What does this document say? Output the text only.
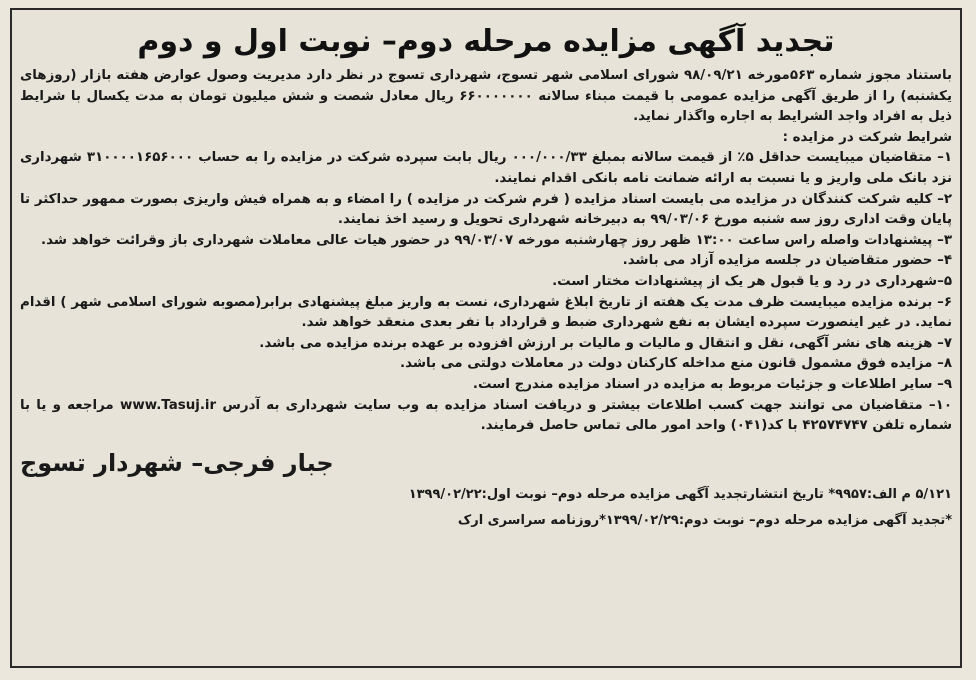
تجدید آگهی مزایده مرحله دوم– نوبت اول و دوم

باستناد مجوز شماره ۵۶۳مورخه ۹۸/۰۹/۲۱ شورای اسلامی شهر تسوج، شهرداری تسوج در نظر دارد مدیریت وصول عوارض هفته بازار (روزهای یکشنبه) را از طریق آگهی مزایده عمومی با قیمت مبناء سالانه ۶۶۰۰۰۰۰۰۰ ریال معادل شصت و شش میلیون تومان به مدت یکسال با شرایط ذیل به افراد واجد الشرایط به اجاره واگذار نماید.

شرایط شرکت در مزایده :

۱– متقاضیان میبایست حداقل ۵٪ از قیمت سالانه بمبلغ ۰۰۰/۰۰۰/۳۳ ریال بابت سپرده شرکت در مزایده را به حساب ۳۱۰۰۰۰۱۶۵۶۰۰۰ شهرداری نزد بانک ملی واریز و یا نسبت به ارائه ضمانت نامه بانکی اقدام نمایند.

۲– کلیه شرکت کنندگان در مزایده می بایست اسناد مزایده ( فرم شرکت در مزایده ) را امضاء و به همراه فیش واریزی بصورت ممهور حداکثر تا پایان وقت اداری روز سه شنبه مورخ ۹۹/۰۳/۰۶ به دبیرخانه شهرداری تحویل و رسید اخذ نمایند.

۳– پیشنهادات واصله راس ساعت ۱۳:۰۰ ظهر روز چهارشنبه مورخه ۹۹/۰۳/۰۷ در حضور هیات عالی معاملات شهرداری باز وقرائت خواهد شد.

۴– حضور متقاضیان در جلسه مزایده آزاد می باشد.

۵–شهرداری در رد و یا قبول هر یک از پیشنهادات مختار است.

۶– برنده مزایده میبایست ظرف مدت یک هفته از تاریخ ابلاغ شهرداری، نست به واریز مبلغ پیشنهادی برابر(مصوبه شورای اسلامی شهر ) اقدام نماید. در غیر اینصورت سپرده ایشان به نفع شهرداری ضبط و قرارداد با نفر بعدی منعقد خواهد شد.

۷– هزینه های نشر آگهی، نقل و انتقال و مالیات و مالیات بر ارزش افزوده بر عهده برنده مزایده می باشد.

۸– مزایده فوق مشمول قانون منع مداخله کارکنان دولت در معاملات دولتی می باشد.

۹– سایر اطلاعات و جزئیات مربوط به مزایده در اسناد مزایده مندرج است.

۱۰– متقاضیان می توانند جهت کسب اطلاعات بیشتر و دریافت اسناد مزایده به وب سایت شهرداری به آدرس www.Tasuj.ir مراجعه و یا با شماره تلفن ۴۲۵۷۴۷۴۷ با کد(۰۴۱) واحد امور مالی تماس حاصل فرمایند.

جبار فرجی– شهردار تسوج
۵/۱۲۱ م الف:۹۹۵۷* تاریخ انتشارتجدید آگهی مزایده مرحله دوم– نوبت اول:۱۳۹۹/۰۲/۲۲
*تجدید آگهی مزایده مرحله دوم– نوبت دوم:۱۳۹۹/۰۲/۲۹*روزنامه سراسری ارک
